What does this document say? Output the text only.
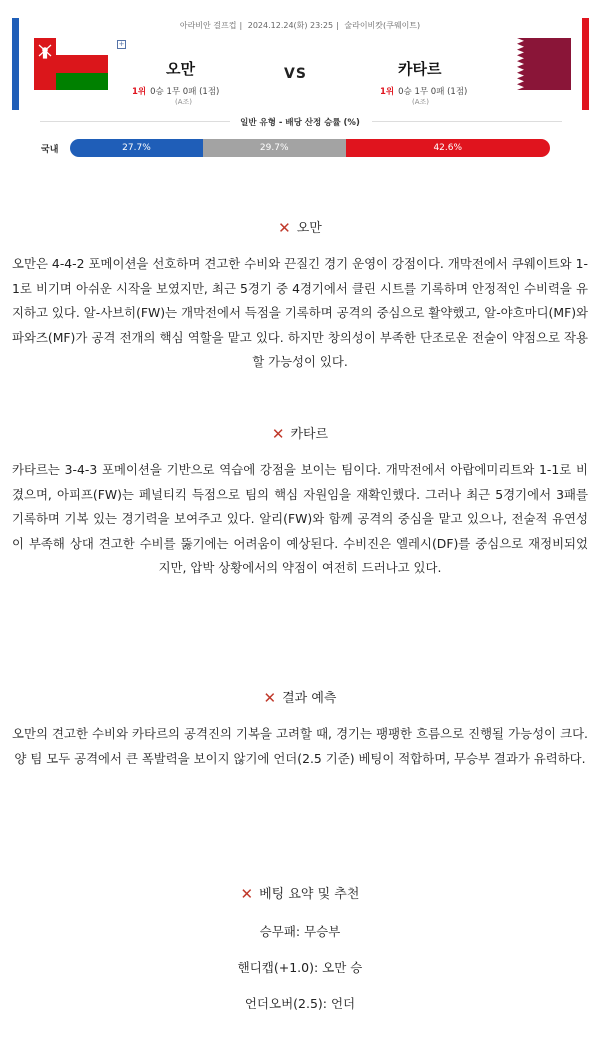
아라비안 걸프컵 | 2024.12.24(화) 23:25 | 술라이비캇(쿠웨이트)
+
오만	VS	카타르
1위 0승 1무 0패 (1점)	1위 0승 1무 0패 (1점)
(A조)	(A조)
일반 유형 - 배당 산정 승률 (%)
국내	27.7%	29.7%	42.6%
✕ 오만
오만은 4-4-2 포메이션을 선호하며 견고한 수비와 끈질긴 경기 운영이 강점이다. 개막전에서 쿠웨이트와 1-1로 비기며 아쉬운 시작을 보였지만, 최근 5경기 중 4경기에서 클린 시트를 기록하며 안정적인 수비력을 유지하고 있다. 알-사브히(FW)는 개막전에서 득점을 기록하며 공격의 중심으로 활약했고, 알-야흐마디(MF)와 파와즈(MF)가 공격 전개의 핵심 역할을 맡고 있다. 하지만 창의성이 부족한 단조로운 전술이 약점으로 작용할 가능성이 있다.
✕ 카타르
카타르는 3-4-3 포메이션을 기반으로 역습에 강점을 보이는 팀이다. 개막전에서 아랍에미리트와 1-1로 비겼으며, 아피프(FW)는 페널티킥 득점으로 팀의 핵심 자원임을 재확인했다. 그러나 최근 5경기에서 3패를 기록하며 기복 있는 경기력을 보여주고 있다. 알리(FW)와 함께 공격의 중심을 맡고 있으나, 전술적 유연성이 부족해 상대 견고한 수비를 뚫기에는 어려움이 예상된다. 수비진은 엘레시(DF)를 중심으로 재정비되었지만, 압박 상황에서의 약점이 여전히 드러나고 있다.
✕ 결과 예측
오만의 견고한 수비와 카타르의 공격진의 기복을 고려할 때, 경기는 팽팽한 흐름으로 진행될 가능성이 크다. 양 팀 모두 공격에서 큰 폭발력을 보이지 않기에 언더(2.5 기준) 베팅이 적합하며, 무승부 결과가 유력하다.
✕ 베팅 요약 및 추천
승무패: 무승부
핸디캡(+1.0): 오만 승
언더오버(2.5): 언더
